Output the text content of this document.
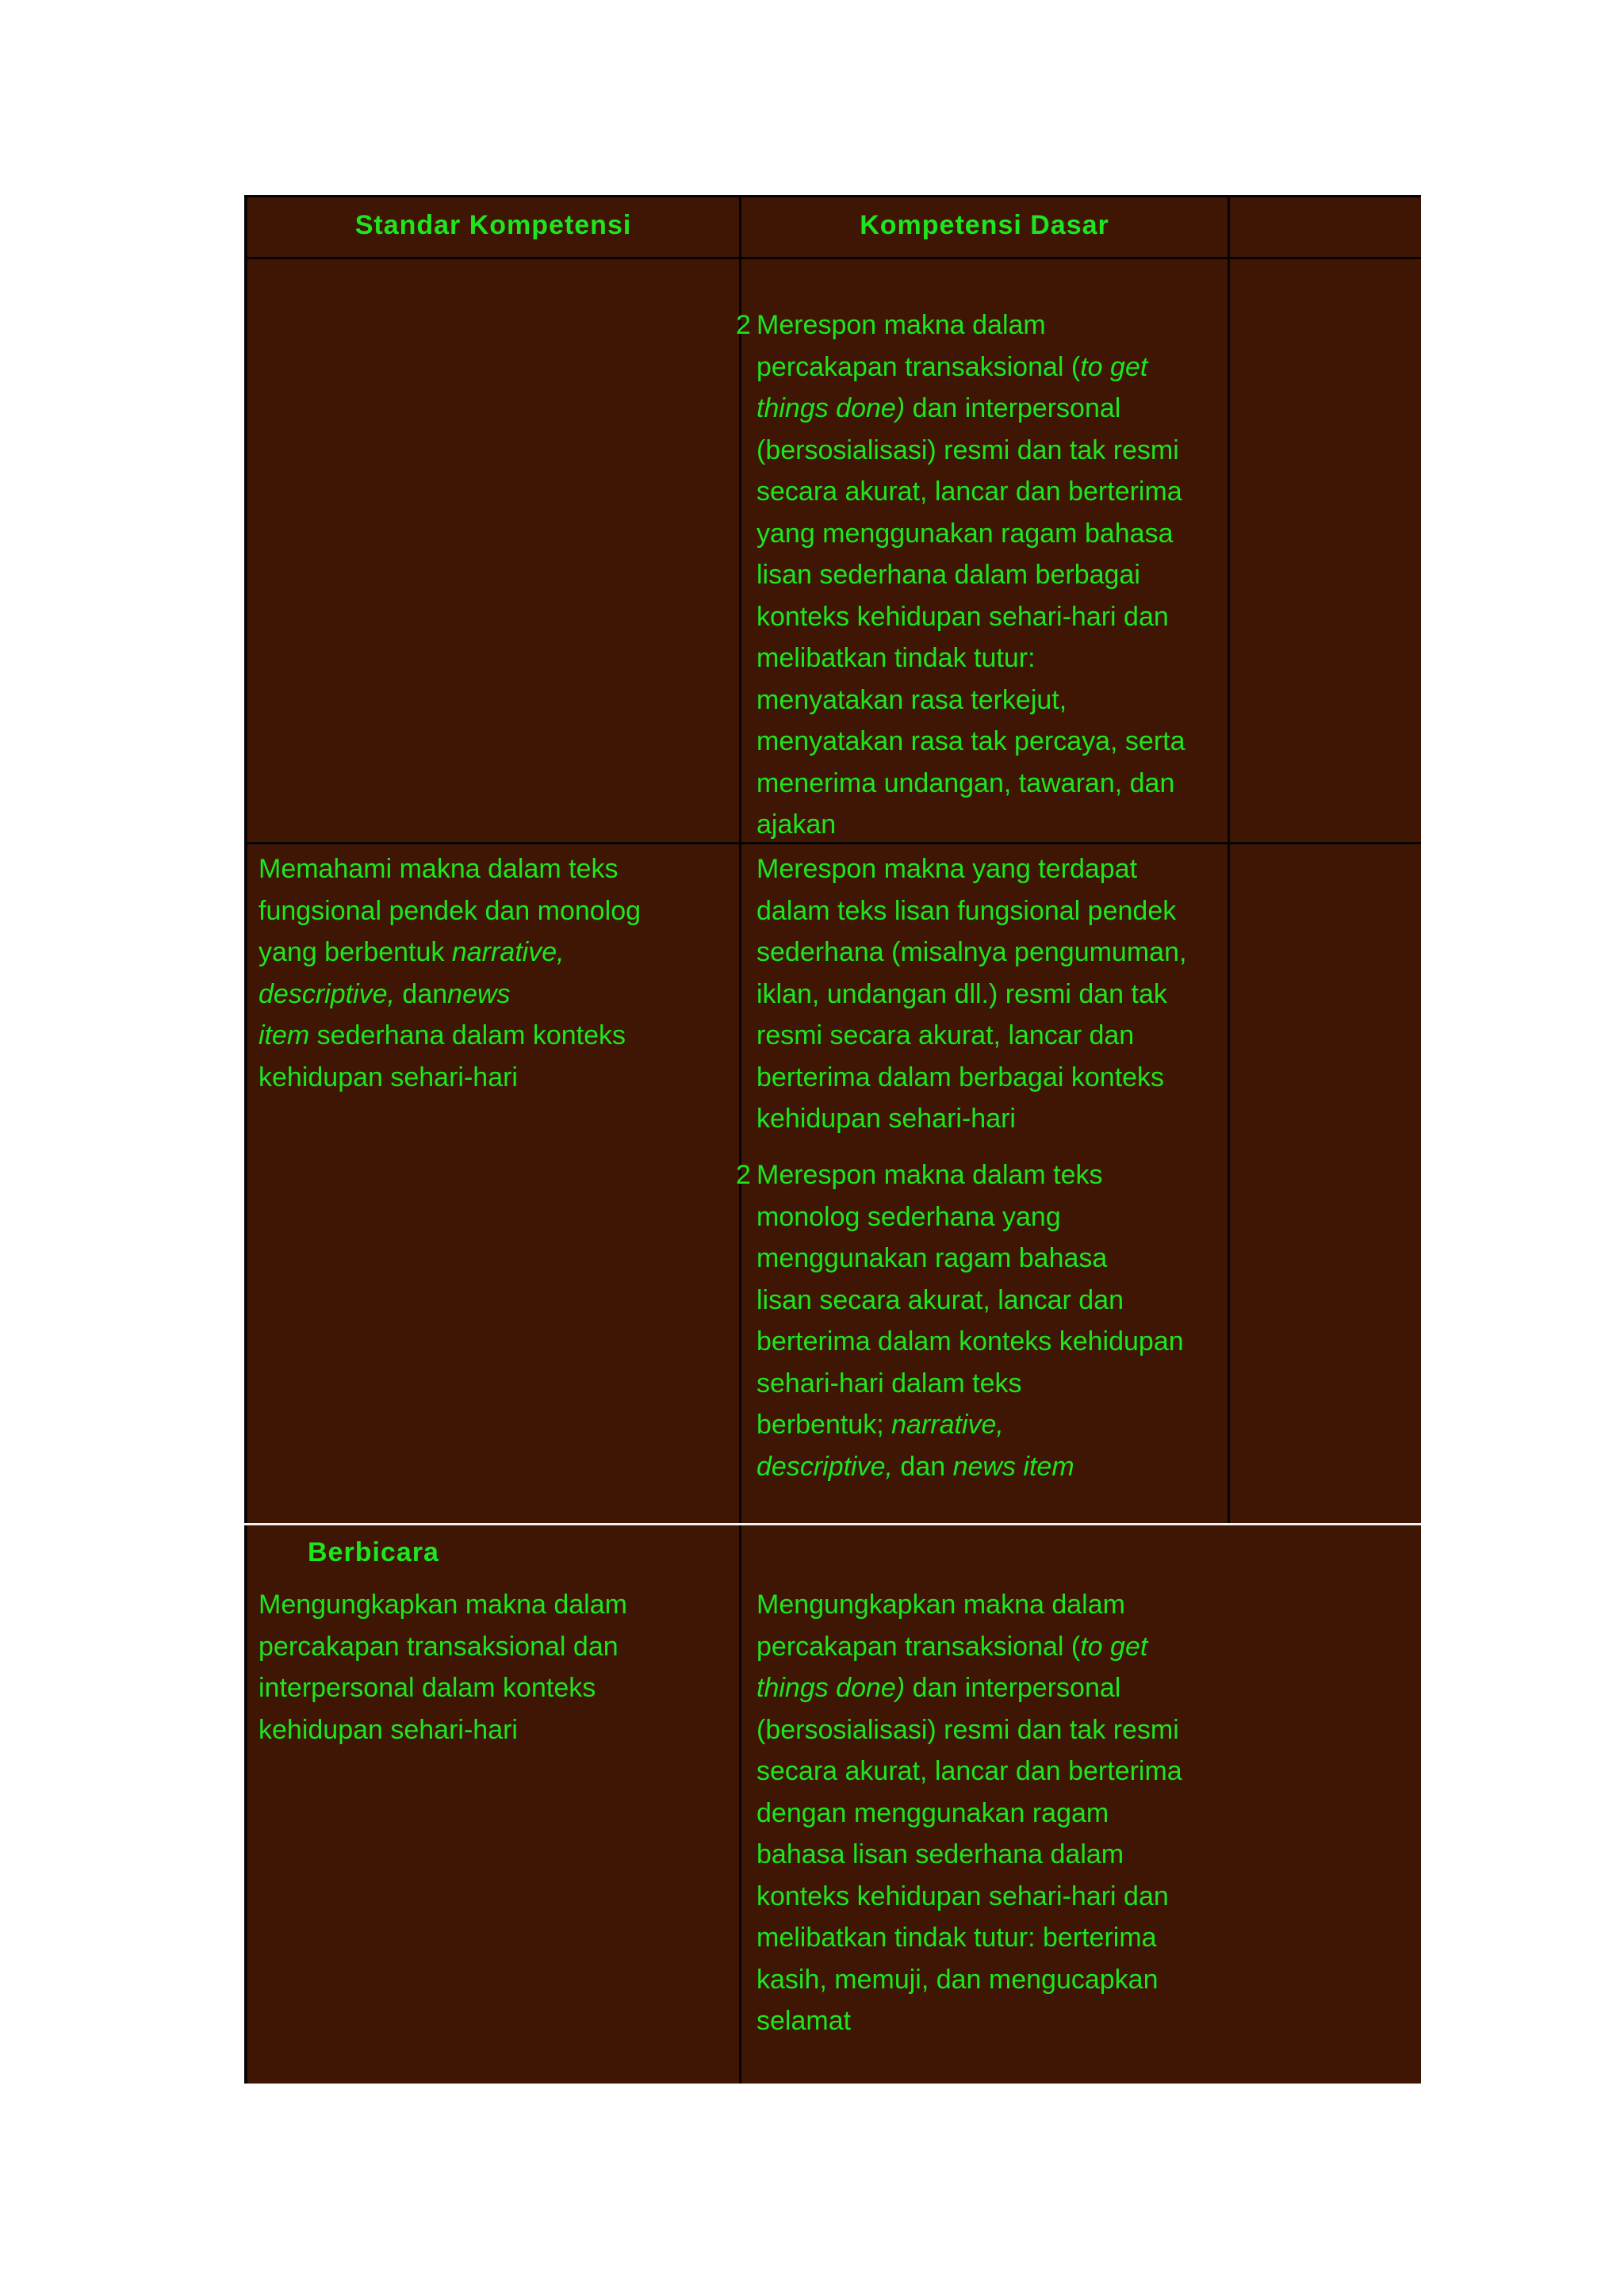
Standar Kompetensi	Kompetensi Dasar
2 Merespon makna dalam
percakapan transaksional (to get
things done) dan interpersonal
(bersosialisasi) resmi dan tak resmi
secara akurat, lancar dan berterima
yang menggunakan ragam bahasa
lisan sederhana dalam berbagai
konteks kehidupan sehari-hari dan
melibatkan tindak tutur:
menyatakan rasa terkejut,
menyatakan rasa tak percaya, serta
menerima undangan, tawaran, dan
ajakan
Memahami makna dalam teks
fungsional pendek dan monolog
yang berbentuk narrative,
descriptive, dannews
item sederhana dalam konteks
kehidupan sehari-hari
Merespon makna yang terdapat
dalam teks lisan fungsional pendek
sederhana (misalnya pengumuman,
iklan, undangan dll.) resmi dan tak
resmi secara akurat, lancar dan
berterima dalam berbagai konteks
kehidupan sehari-hari
2 Merespon makna dalam teks
monolog sederhana yang
menggunakan ragam bahasa
lisan secara akurat, lancar dan
berterima dalam konteks kehidupan
sehari-hari dalam teks
berbentuk; narrative,
descriptive, dan news item
Berbicara
Mengungkapkan makna dalam
percakapan transaksional dan
interpersonal dalam konteks
kehidupan sehari-hari
Mengungkapkan makna dalam
percakapan transaksional (to get
things done) dan interpersonal
(bersosialisasi) resmi dan tak resmi
secara akurat, lancar dan berterima
dengan menggunakan ragam
bahasa lisan sederhana dalam
konteks kehidupan sehari-hari dan
melibatkan tindak tutur: berterima
kasih, memuji, dan mengucapkan
selamat
